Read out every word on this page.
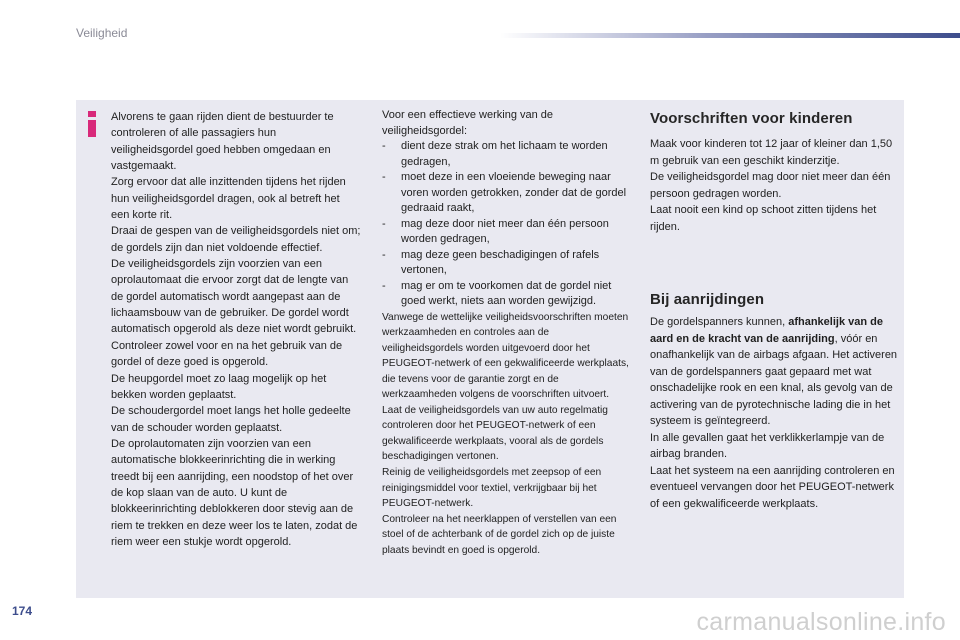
Veiligheid

Alvorens te gaan rijden dient de bestuurder te controleren of alle passagiers hun veiligheidsgordel goed hebben omgedaan en vastgemaakt.

Zorg ervoor dat alle inzittenden tijdens het rijden hun veiligheidsgordel dragen, ook al betreft het een korte rit.

Draai de gespen van de veiligheidsgordels niet om; de gordels zijn dan niet voldoende effectief.

De veiligheidsgordels zijn voorzien van een oprolautomaat die ervoor zorgt dat de lengte van de gordel automatisch wordt aangepast aan de lichaamsbouw van de gebruiker. De gordel wordt automatisch opgerold als deze niet wordt gebruikt.

Controleer zowel voor en na het gebruik van de gordel of deze goed is opgerold.

De heupgordel moet zo laag mogelijk op het bekken worden geplaatst.

De schoudergordel moet langs het holle gedeelte van de schouder worden geplaatst.

De oprolautomaten zijn voorzien van een automatische blokkeerinrichting die in werking treedt bij een aanrijding, een noodstop of het over de kop slaan van de auto. U kunt de blokkeerinrichting deblokkeren door stevig aan de riem te trekken en deze weer los te laten, zodat de riem weer een stukje wordt opgerold.

Voor een effectieve werking van de veiligheidsgordel:

-	dient deze strak om het lichaam te worden gedragen,
-	moet deze in een vloeiende beweging naar voren worden getrokken, zonder dat de gordel gedraaid raakt,
-	mag deze door niet meer dan één persoon worden gedragen,
-	mag deze geen beschadigingen of rafels vertonen,
-	mag er om te voorkomen dat de gordel niet goed werkt, niets aan worden gewijzigd.

Vanwege de wettelijke veiligheidsvoorschriften moeten werkzaamheden en controles aan de veiligheidsgordels worden uitgevoerd door het PEUGEOT-netwerk of een gekwalificeerde werkplaats, die tevens voor de garantie zorgt en de werkzaamheden volgens de voorschriften uitvoert.

Laat de veiligheidsgordels van uw auto regelmatig controleren door het PEUGEOT-netwerk of een gekwalificeerde werkplaats, vooral als de gordels beschadigingen vertonen.

Reinig de veiligheidsgordels met zeepsop of een reinigingsmiddel voor textiel, verkrijgbaar bij het PEUGEOT-netwerk.

Controleer na het neerklappen of verstellen van een stoel of de achterbank of de gordel zich op de juiste plaats bevindt en goed is opgerold.

Voorschriften voor kinderen

Maak voor kinderen tot 12 jaar of kleiner dan 1,50 m gebruik van een geschikt kinderzitje.

De veiligheidsgordel mag door niet meer dan één persoon gedragen worden.

Laat nooit een kind op schoot zitten tijdens het rijden.

Bij aanrijdingen

De gordelspanners kunnen, afhankelijk van de aard en de kracht van de aanrijding, vóór en onafhankelijk van de airbags afgaan. Het activeren van de gordelspanners gaat gepaard met wat onschadelijke rook en een knal, als gevolg van de activering van de pyrotechnische lading die in het systeem is geïntegreerd.

In alle gevallen gaat het verklikkerlampje van de airbag branden.

Laat het systeem na een aanrijding controleren en eventueel vervangen door het PEUGEOT-netwerk of een gekwalificeerde werkplaats.

174	carmanualsonline.info
